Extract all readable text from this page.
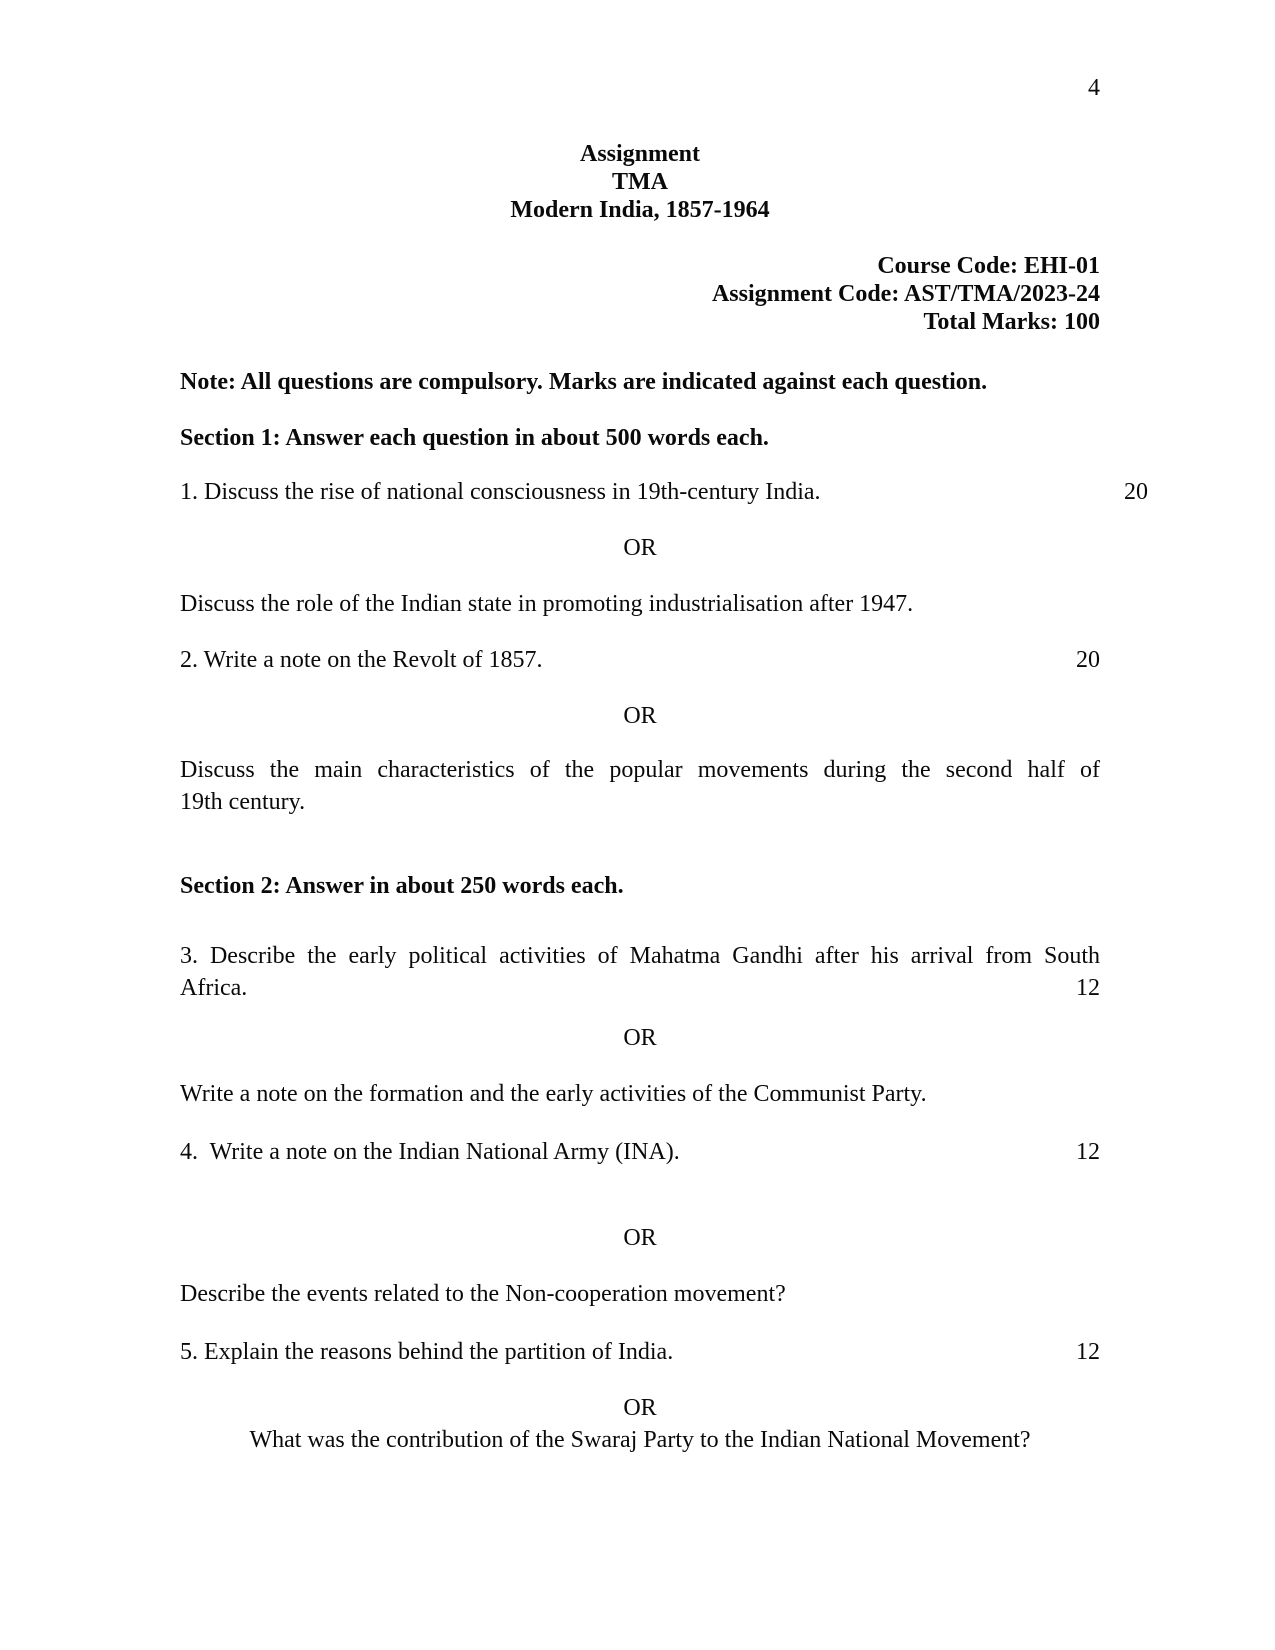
4
Assignment
TMA
Modern India, 1857-1964
Course Code: EHI-01
Assignment Code: AST/TMA/2023-24
Total Marks: 100
Note: All questions are compulsory. Marks are indicated against each question.
Section 1: Answer each question in about 500 words each.
1. Discuss the rise of national consciousness in 19th-century India.	20
OR
Discuss the role of the Indian state in promoting industrialisation after 1947.
2. Write a note on the Revolt of 1857.	20
OR
Discuss the main characteristics of the popular movements during the second half of
19th century.
Section 2: Answer in about 250 words each.
3. Describe the early political activities of Mahatma Gandhi after his arrival from South
Africa.	12
OR
Write a note on the formation and the early activities of the Communist Party.
4.  Write a note on the Indian National Army (INA).	12
OR
Describe the events related to the Non-cooperation movement?
5. Explain the reasons behind the partition of India.	12
OR
What was the contribution of the Swaraj Party to the Indian National Movement?
